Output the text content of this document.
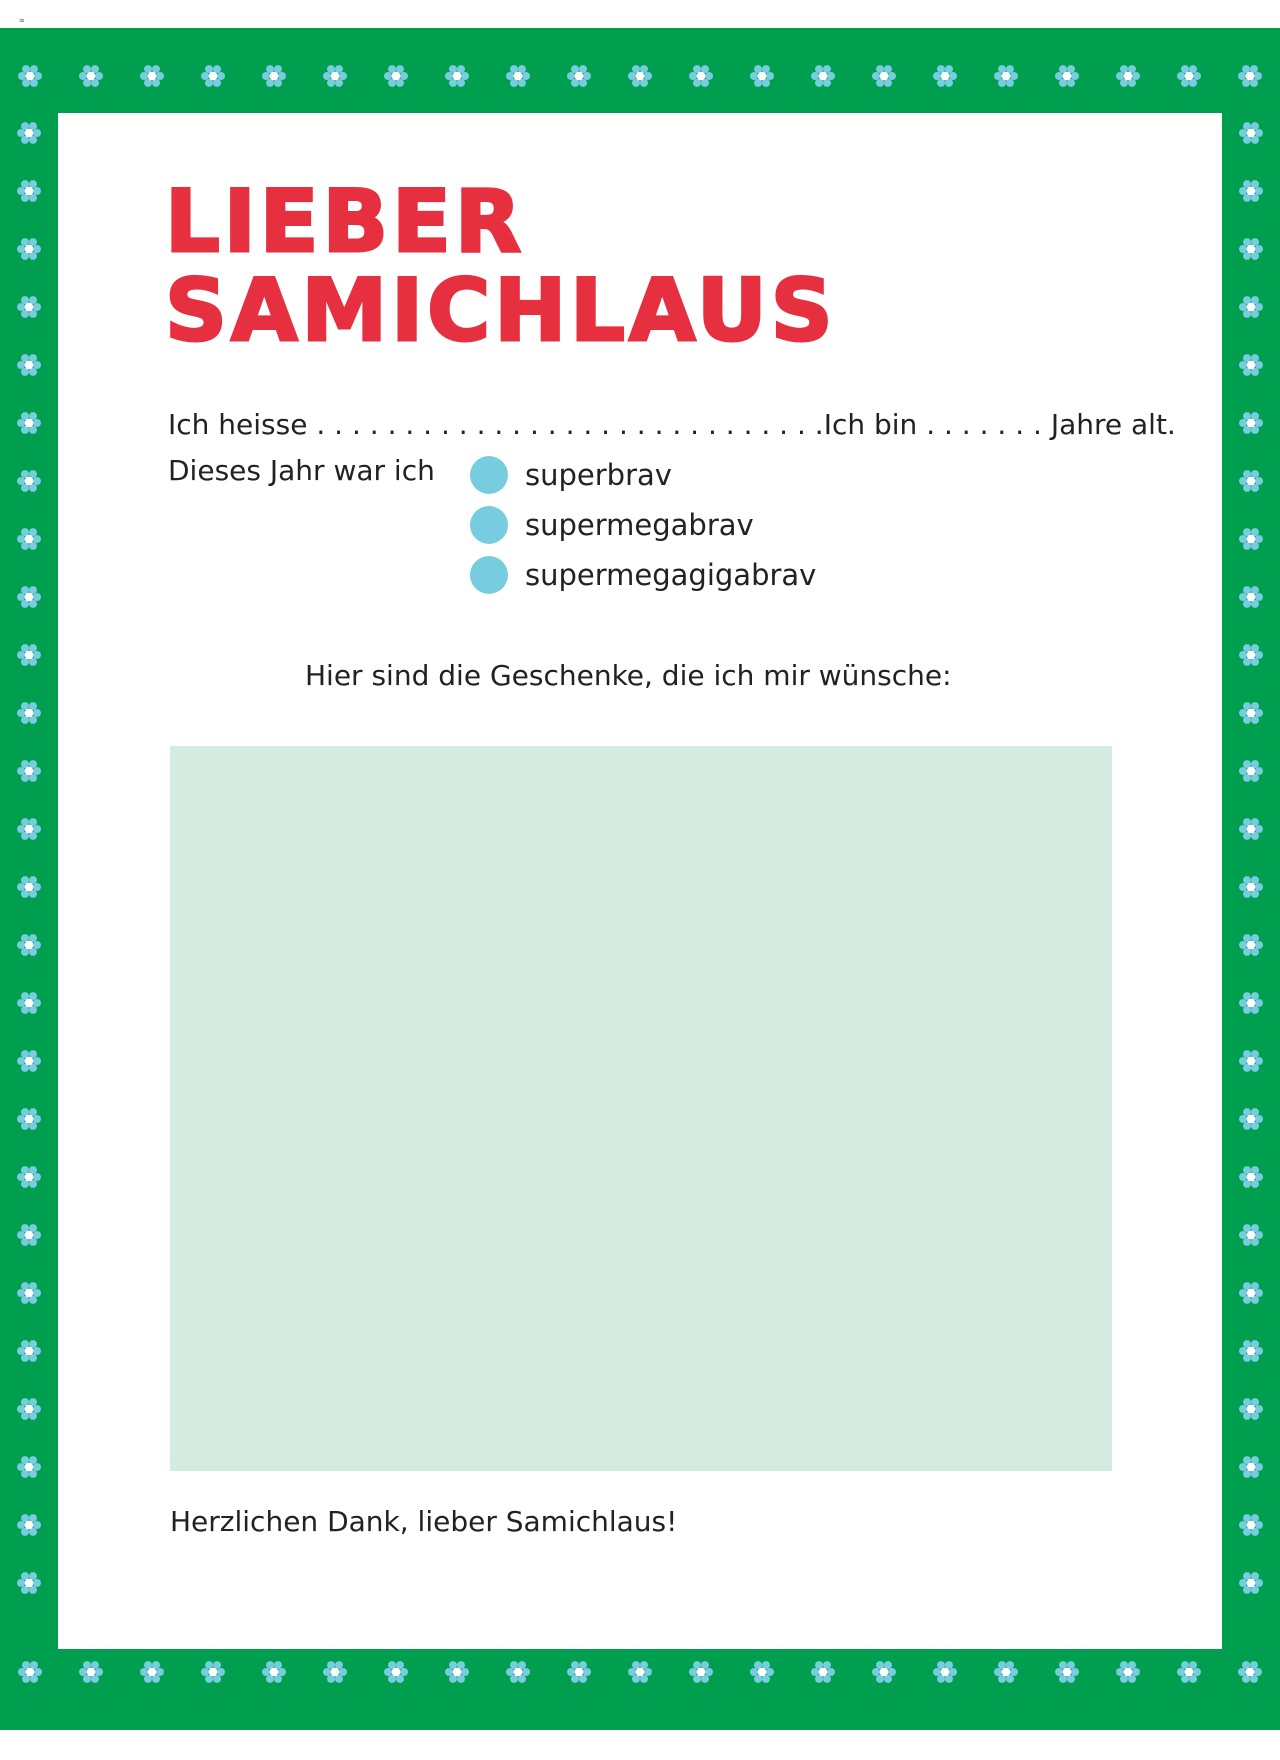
≡
LIEBER
SAMICHLAUS
Ich heisse . . . . . . . . . . . . . . . . . . . . . . . . . . . . . Ich bin . . . . . . . Jahre alt.
Dieses Jahr war ich	superbrav
supermegabrav
supermegagigabrav
Hier sind die Geschenke, die ich mir wünsche:
Herzlichen Dank, lieber Samichlaus!
